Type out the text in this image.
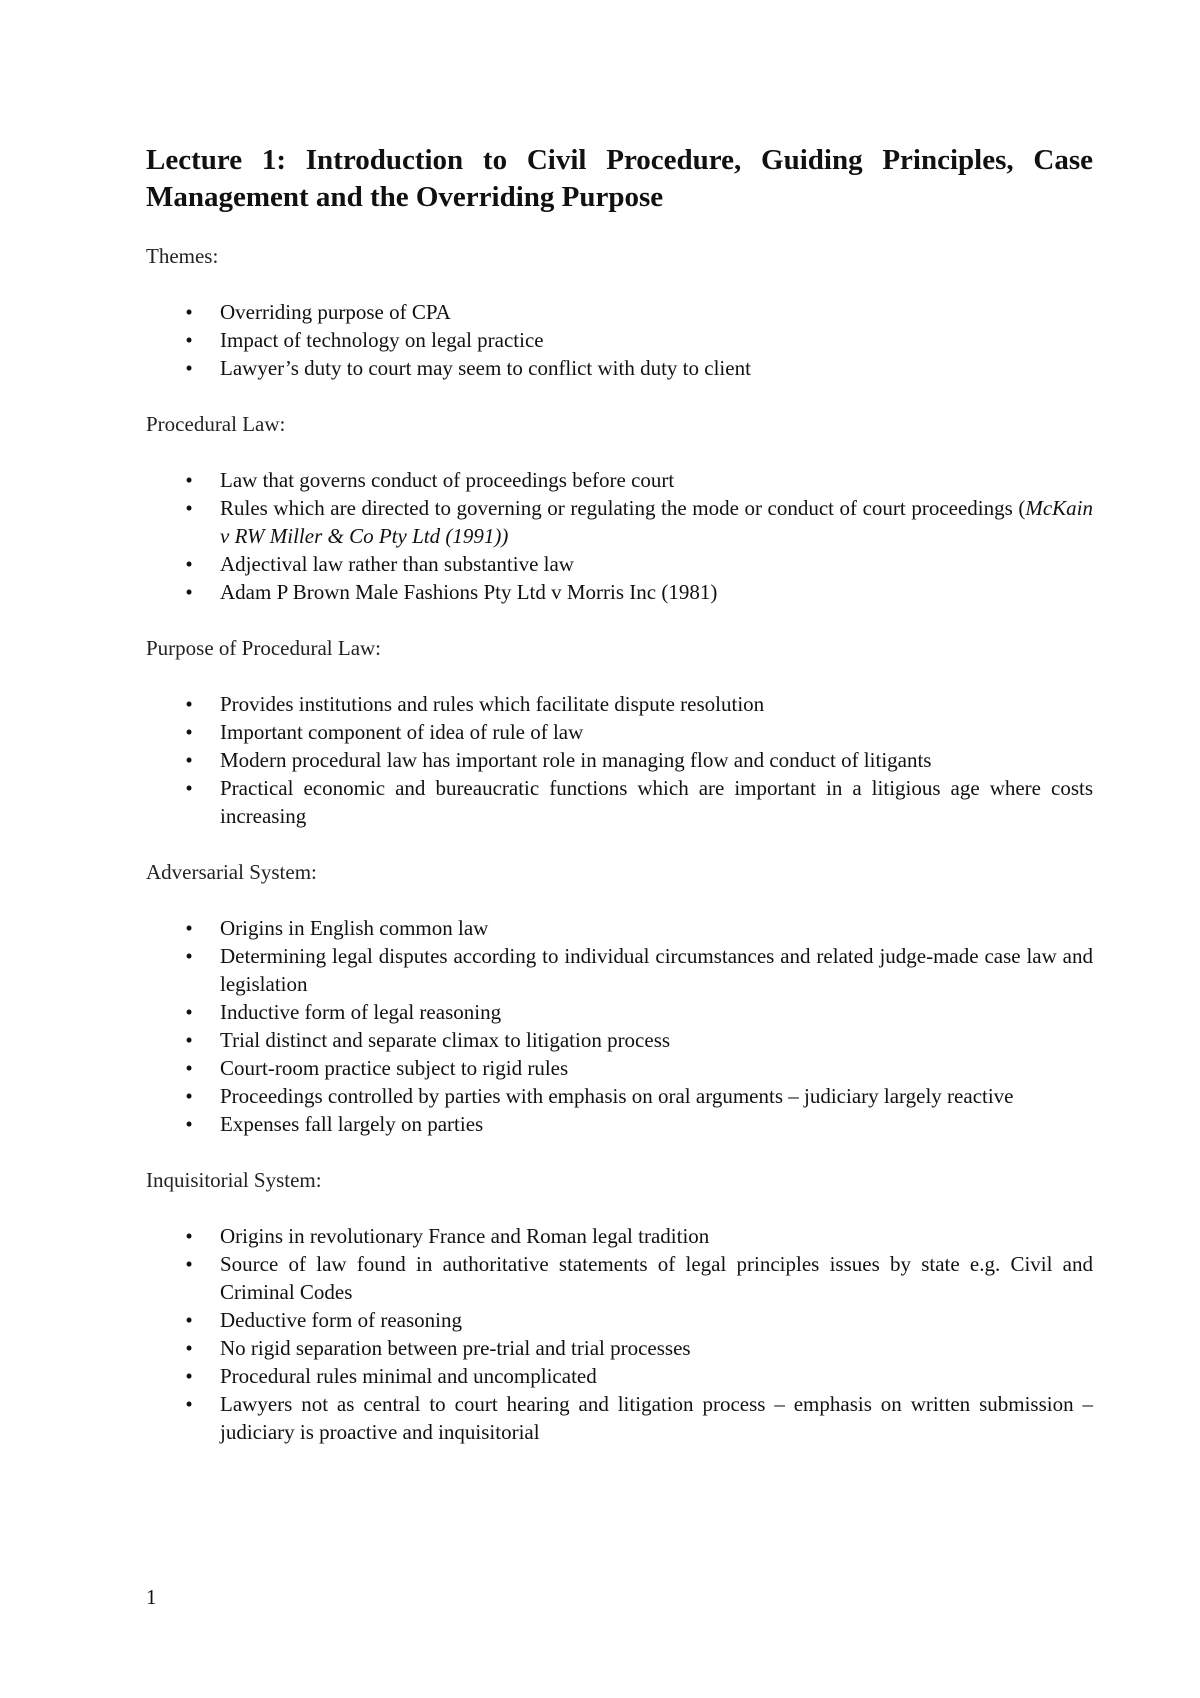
Lecture 1: Introduction to Civil Procedure, Guiding Principles, Case Management and the Overriding Purpose
Themes:
• Overriding purpose of CPA
• Impact of technology on legal practice
• Lawyer’s duty to court may seem to conflict with duty to client
Procedural Law:
• Law that governs conduct of proceedings before court
• Rules which are directed to governing or regulating the mode or conduct of court proceedings (McKain v RW Miller & Co Pty Ltd (1991))
• Adjectival law rather than substantive law
• Adam P Brown Male Fashions Pty Ltd v Morris Inc (1981)
Purpose of Procedural Law:
• Provides institutions and rules which facilitate dispute resolution
• Important component of idea of rule of law
• Modern procedural law has important role in managing flow and conduct of litigants
• Practical economic and bureaucratic functions which are important in a litigious age where costs increasing
Adversarial System:
• Origins in English common law
• Determining legal disputes according to individual circumstances and related judge-made case law and legislation
• Inductive form of legal reasoning
• Trial distinct and separate climax to litigation process
• Court-room practice subject to rigid rules
• Proceedings controlled by parties with emphasis on oral arguments – judiciary largely reactive
• Expenses fall largely on parties
Inquisitorial System:
• Origins in revolutionary France and Roman legal tradition
• Source of law found in authoritative statements of legal principles issues by state e.g. Civil and Criminal Codes
• Deductive form of reasoning
• No rigid separation between pre-trial and trial processes
• Procedural rules minimal and uncomplicated
• Lawyers not as central to court hearing and litigation process – emphasis on written submission – judiciary is proactive and inquisitorial
1
